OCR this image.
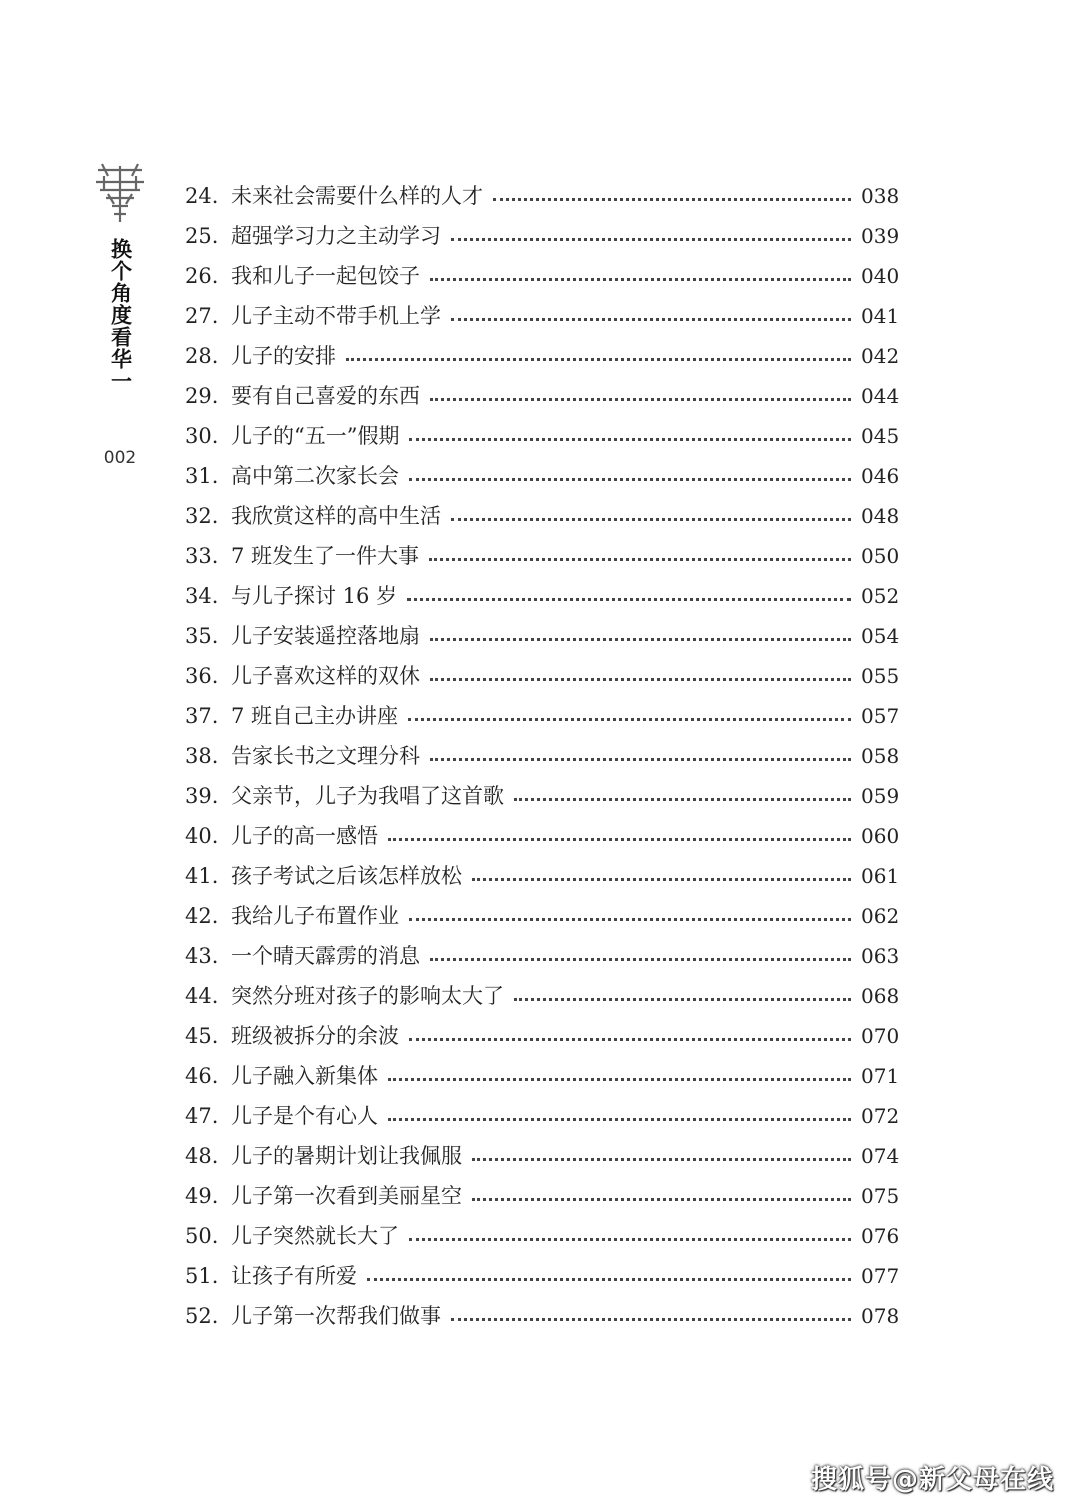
换个角度看华一
002
24. 未来社会需要什么样的人才	038
25. 超强学习力之主动学习	039
26. 我和儿子一起包饺子	040
27. 儿子主动不带手机上学	041
28. 儿子的安排	042
29. 要有自己喜爱的东西	044
30. 儿子的“五一”假期	045
31. 高中第二次家长会	046
32. 我欣赏这样的高中生活	048
33. 7 班发生了一件大事	050
34. 与儿子探讨 16 岁	052
35. 儿子安装遥控落地扇	054
36. 儿子喜欢这样的双休	055
37. 7 班自己主办讲座	057
38. 告家长书之文理分科	058
39. 父亲节，儿子为我唱了这首歌	059
40. 儿子的高一感悟	060
41. 孩子考试之后该怎样放松	061
42. 我给儿子布置作业	062
43. 一个晴天霹雳的消息	063
44. 突然分班对孩子的影响太大了	068
45. 班级被拆分的余波	070
46. 儿子融入新集体	071
47. 儿子是个有心人	072
48. 儿子的暑期计划让我佩服	074
49. 儿子第一次看到美丽星空	075
50. 儿子突然就长大了	076
51. 让孩子有所爱	077
52. 儿子第一次帮我们做事	078
搜狐号@新父母在线
